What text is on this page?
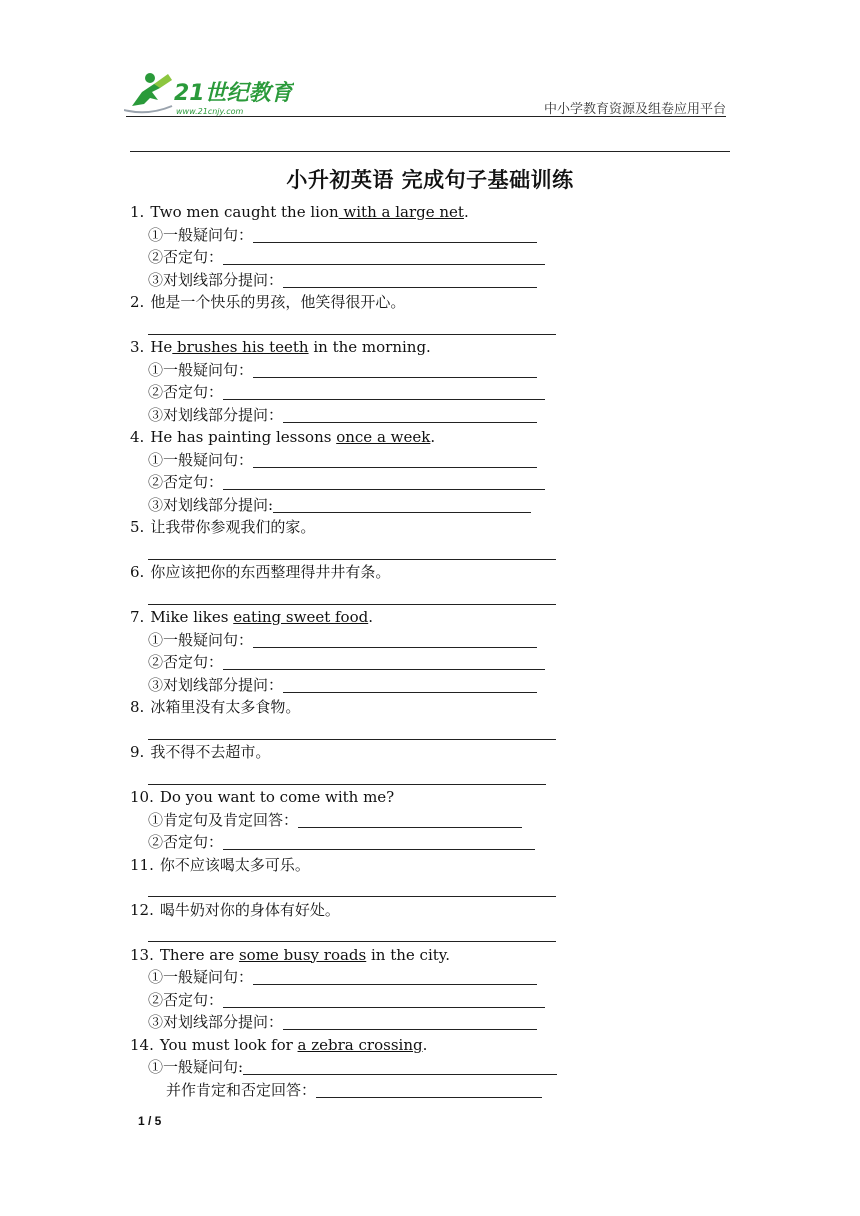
21世纪教育
www.21cnjy.com	中小学教育资源及组卷应用平台
小升初英语 完成句子基础训练
1. Two men caught the lion with a large net.
①一般疑问句：
②否定句：
③对划线部分提问：
2. 他是一个快乐的男孩，他笑得很开心。
3. He brushes his teeth in the morning.
①一般疑问句：
②否定句：
③对划线部分提问：
4. He has painting lessons once a week.
①一般疑问句：
②否定句：
③对划线部分提问:
5. 让我带你参观我们的家。
6. 你应该把你的东西整理得井井有条。
7. Mike likes eating sweet food.
①一般疑问句：
②否定句：
③对划线部分提问：
8. 冰箱里没有太多食物。
9. 我不得不去超市。
10. Do you want to come with me?
①肯定句及肯定回答：
②否定句：
11. 你不应该喝太多可乐。
12. 喝牛奶对你的身体有好处。
13. There are some busy roads in the city.
①一般疑问句：
②否定句：
③对划线部分提问：
14. You must look for a zebra crossing.
①一般疑问句:
并作肯定和否定回答：
1 / 5
